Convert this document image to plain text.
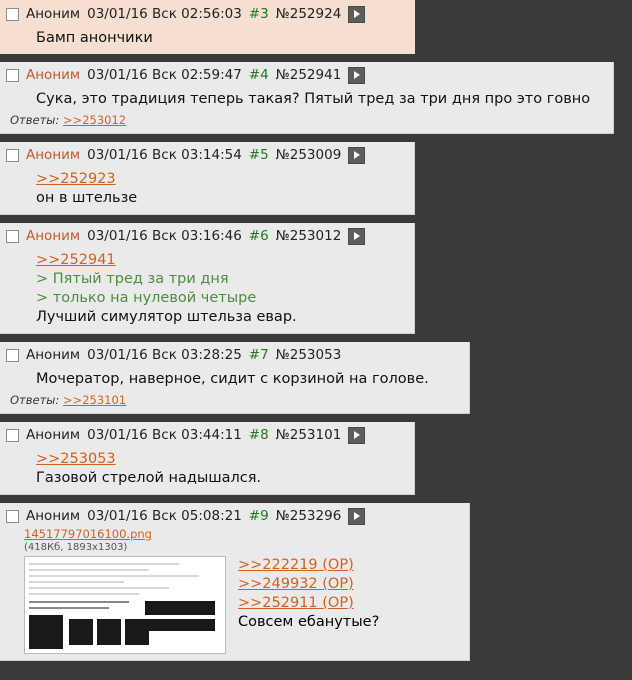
Аноним 03/01/16 Вск 02:56:03 #3 №252924
Бамп анончики

Аноним 03/01/16 Вск 02:59:47 #4 №252941
Сука, это традиция теперь такая? Пятый тред за три дня про это говно
Ответы: >>253012

Аноним 03/01/16 Вск 03:14:54 #5 №253009
>>252923
он в штельзе

Аноним 03/01/16 Вск 03:16:46 #6 №253012
>>252941
> Пятый тред за три дня
> только на нулевой четыре
Лучший симулятор штельза евар.

Аноним 03/01/16 Вск 03:28:25 #7 №253053
Мочератор, наверное, сидит с корзиной на голове.
Ответы: >>253101

Аноним 03/01/16 Вск 03:44:11 #8 №253101
>>253053
Газовой стрелой надышался.

Аноним 03/01/16 Вск 05:08:21 #9 №253296
14517797016100.png
(418Кб, 1893x1303)
>>222219 (OP)
>>249932 (OP)
>>252911 (OP)
Совсем ебанутые?
